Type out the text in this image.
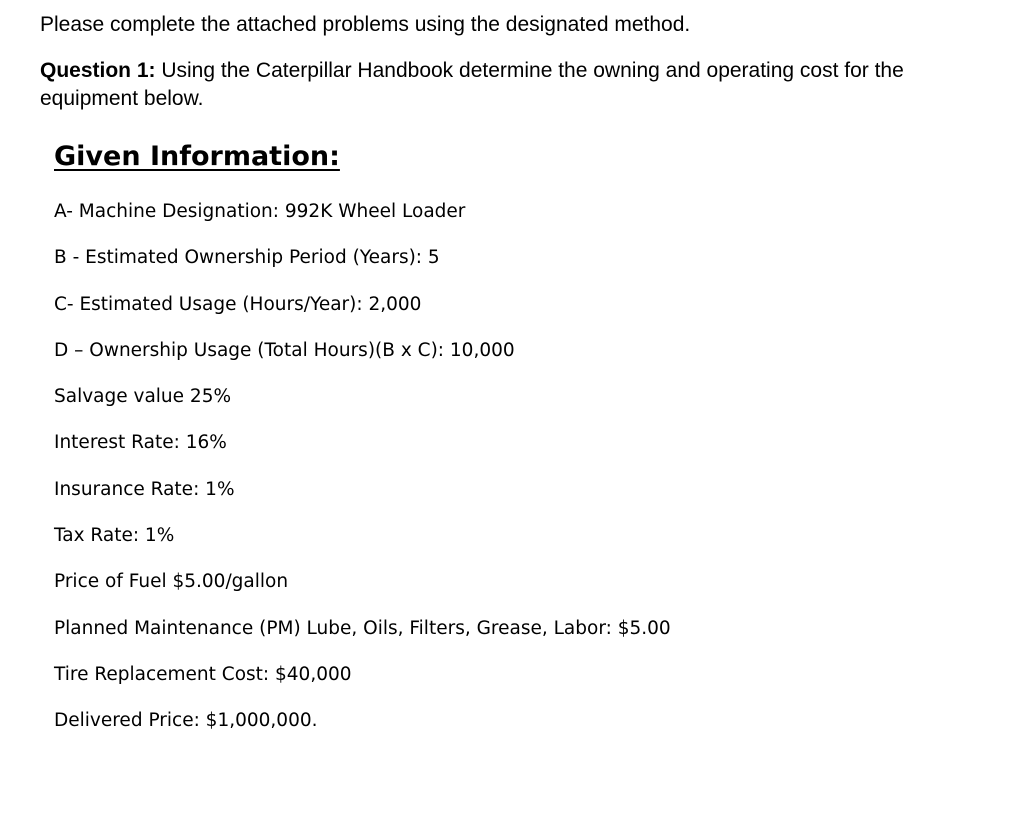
Please complete the attached problems using the designated method.

Question 1: Using the Caterpillar Handbook determine the owning and operating cost for the equipment below.

Given Information:
A- Machine Designation: 992K Wheel Loader
B - Estimated Ownership Period (Years): 5
C- Estimated Usage (Hours/Year): 2,000
D – Ownership Usage (Total Hours)(B x C): 10,000
Salvage value 25%
Interest Rate: 16%
Insurance Rate: 1%
Tax Rate: 1%
Price of Fuel $5.00/gallon
Planned Maintenance (PM) Lube, Oils, Filters, Grease, Labor: $5.00
Tire Replacement Cost: $40,000
Delivered Price: $1,000,000.
